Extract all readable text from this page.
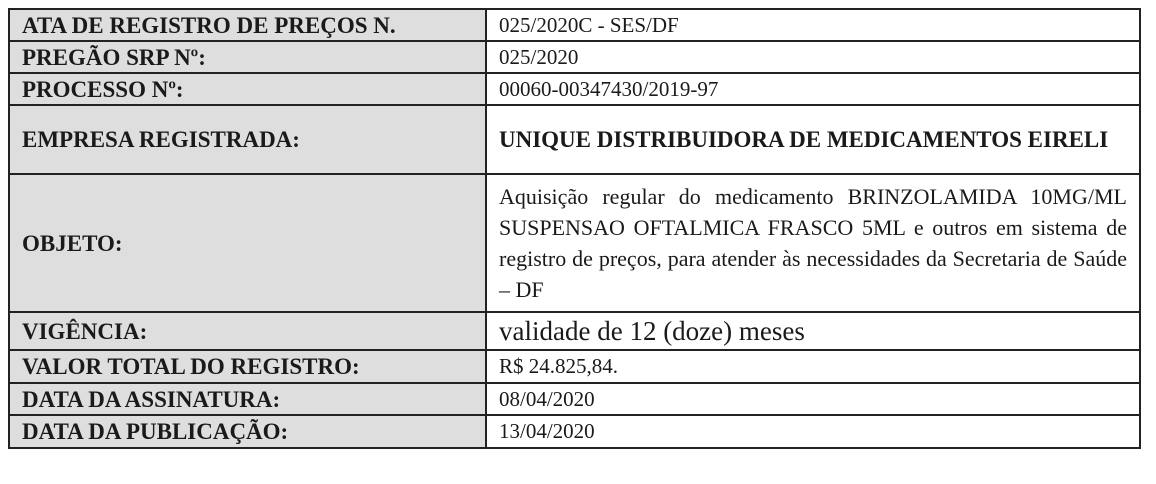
ATA DE REGISTRO DE PREÇOS N.	025/2020C - SES/DF
PREGÃO SRP Nº:	025/2020
PROCESSO Nº:	00060-00347430/2019-97
EMPRESA REGISTRADA:	UNIQUE DISTRIBUIDORA DE MEDICAMENTOS EIRELI
OBJETO:	Aquisição regular do medicamento BRINZOLAMIDA 10MG/ML SUSPENSAO OFTALMICA FRASCO 5ML e outros em sistema de registro de preços, para atender às necessidades da Secretaria de Saúde – DF
VIGÊNCIA:	validade de 12 (doze) meses
VALOR TOTAL DO REGISTRO:	R$ 24.825,84.
DATA DA ASSINATURA:	08/04/2020
DATA DA PUBLICAÇÃO:	13/04/2020
